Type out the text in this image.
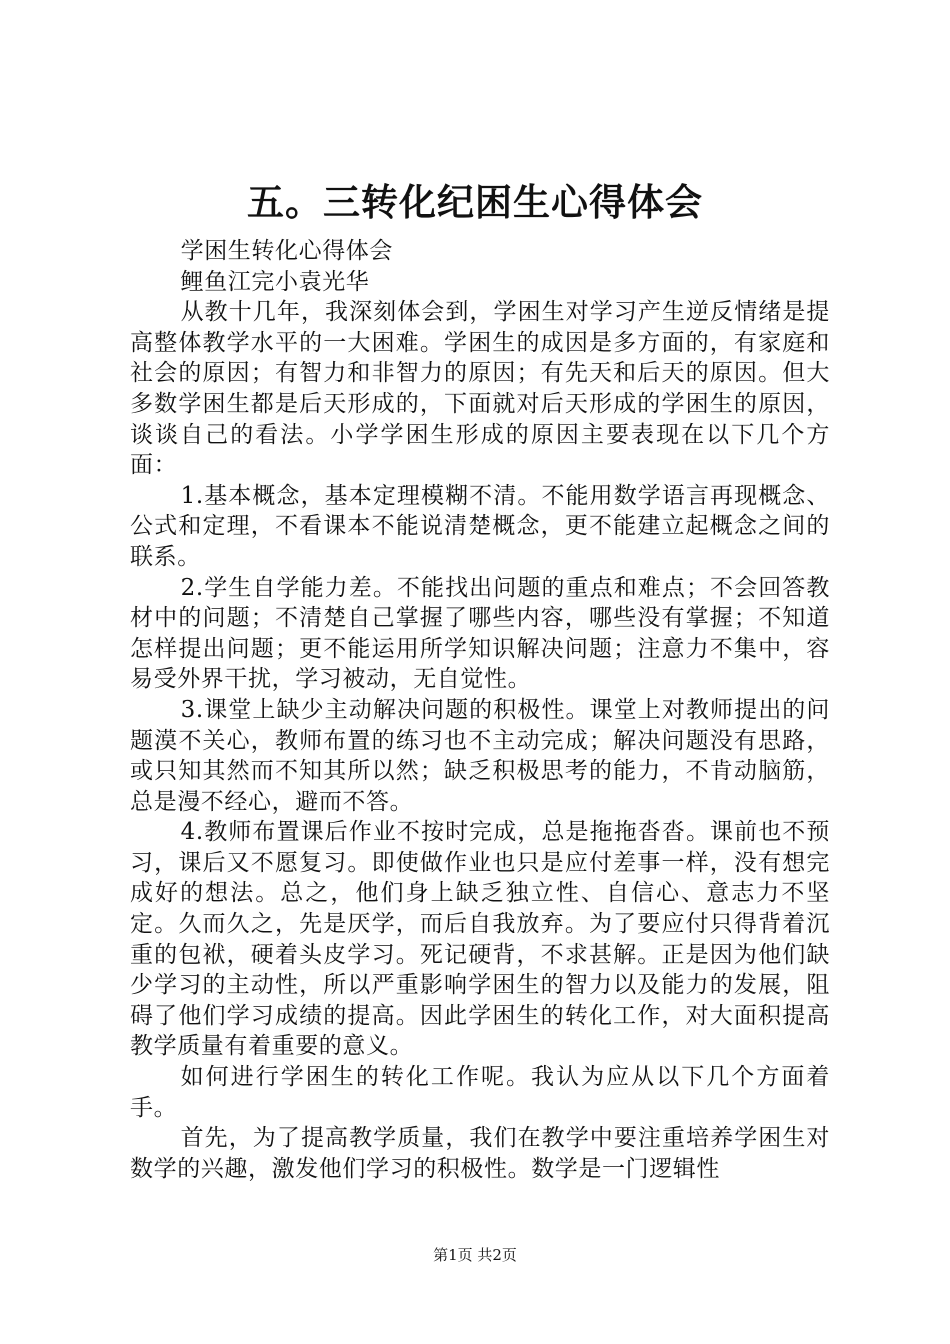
五。三转化纪困生心得体会

学困生转化心得体会

鲤鱼江完小袁光华

从教十几年，我深刻体会到，学困生对学习产生逆反情绪是提高整体教学水平的一大困难。学困生的成因是多方面的，有家庭和社会的原因；有智力和非智力的原因；有先天和后天的原因。但大多数学困生都是后天形成的，下面就对后天形成的学困生的原因，谈谈自己的看法。小学学困生形成的原因主要表现在以下几个方面：

1.基本概念，基本定理模糊不清。不能用数学语言再现概念、公式和定理，不看课本不能说清楚概念，更不能建立起概念之间的联系。

2.学生自学能力差。不能找出问题的重点和难点；不会回答教材中的问题；不清楚自己掌握了哪些内容，哪些没有掌握；不知道怎样提出问题；更不能运用所学知识解决问题；注意力不集中，容易受外界干扰，学习被动，无自觉性。

3.课堂上缺少主动解决问题的积极性。课堂上对教师提出的问题漠不关心，教师布置的练习也不主动完成；解决问题没有思路，或只知其然而不知其所以然；缺乏积极思考的能力，不肯动脑筋，总是漫不经心，避而不答。

4.教师布置课后作业不按时完成，总是拖拖沓沓。课前也不预习，课后又不愿复习。即使做作业也只是应付差事一样，没有想完成好的想法。总之，他们身上缺乏独立性、自信心、意志力不坚定。久而久之，先是厌学，而后自我放弃。为了要应付只得背着沉重的包袱，硬着头皮学习。死记硬背，不求甚解。正是因为他们缺少学习的主动性，所以严重影响学困生的智力以及能力的发展，阻碍了他们学习成绩的提高。因此学困生的转化工作，对大面积提高教学质量有着重要的意义。

如何进行学困生的转化工作呢。我认为应从以下几个方面着手。

首先，为了提高教学质量，我们在教学中要注重培养学困生对数学的兴趣，激发他们学习的积极性。数学是一门逻辑性

第1页 共2页
